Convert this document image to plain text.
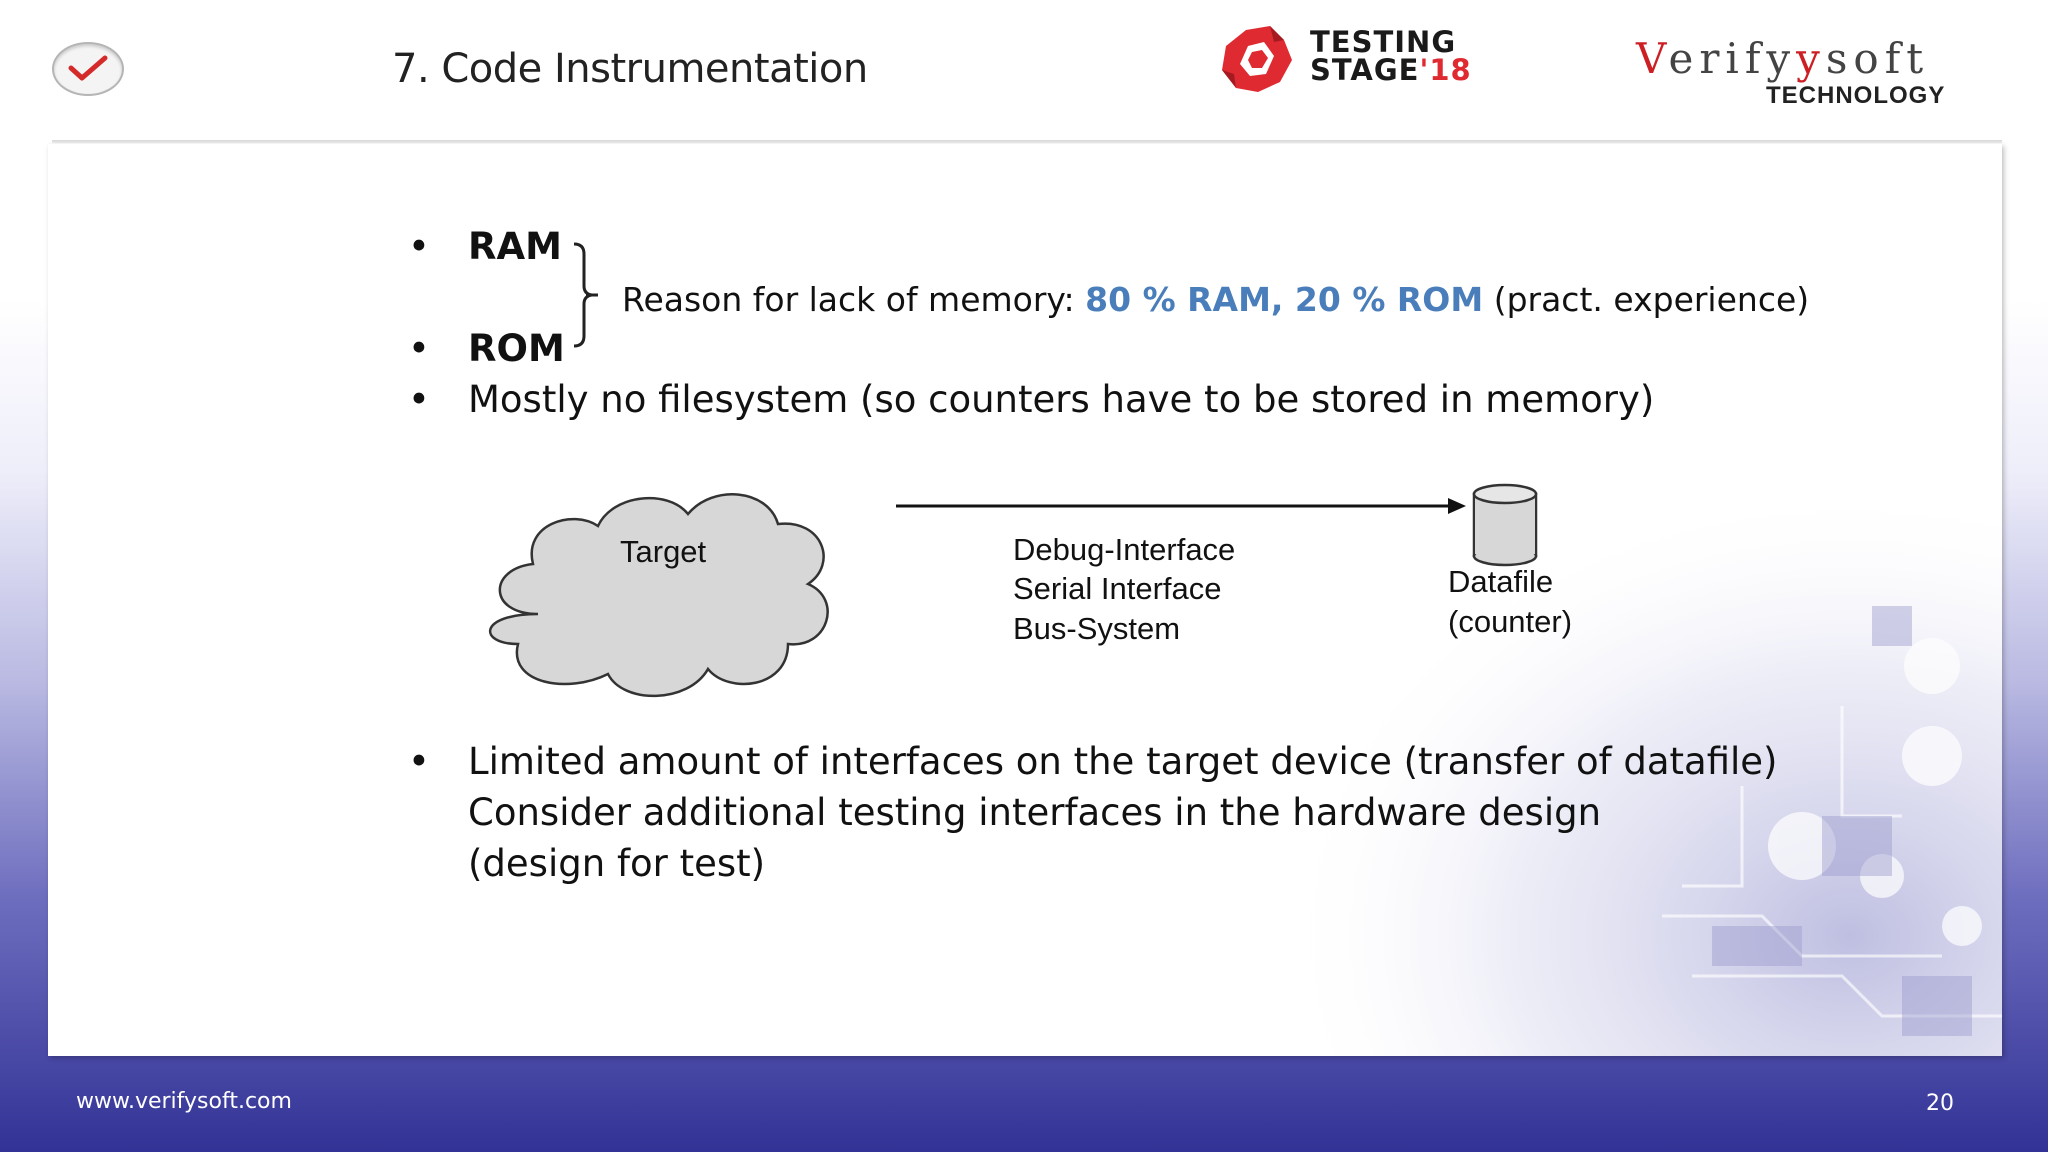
7. Code Instrumentation
TESTING
STAGE'18	Verifyysoft
TECHNOLOGY
•	RAM
Reason for lack of memory: 80 % RAM, 20 % ROM (pract. experience)
•	ROM
•	Mostly no filesystem (so counters have to be stored in memory)
Target	Debug-Interface
Serial Interface
Bus-System
Datafile
(counter)
• Limited amount of interfaces on the target device (transfer of datafile)
Consider additional testing interfaces in the hardware design
(design for test)
www.verifysoft.com	20
